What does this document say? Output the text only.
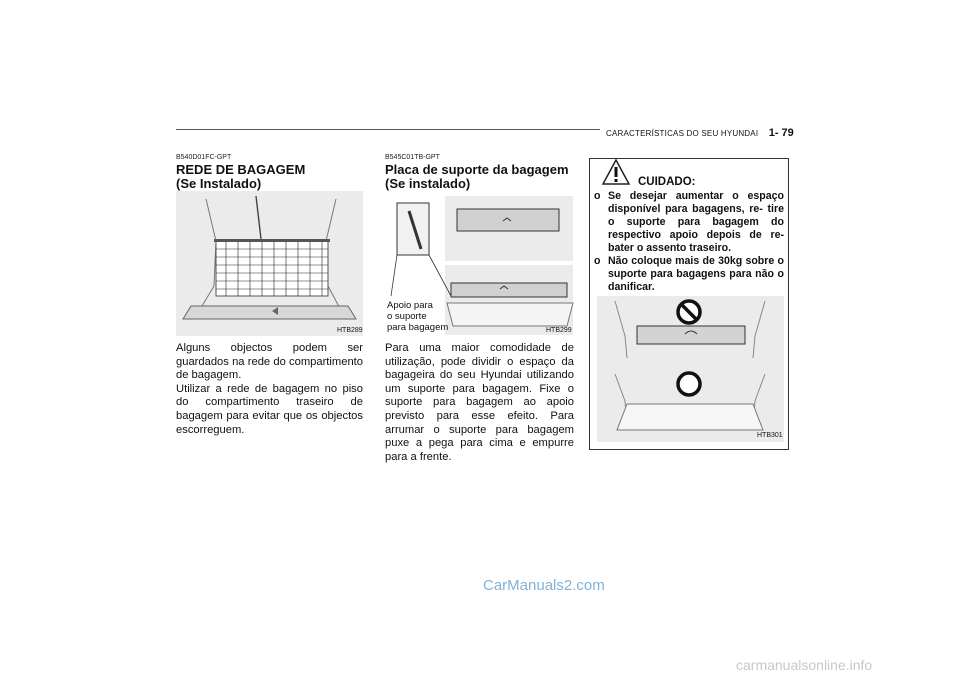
CARACTERÍSTICAS DO SEU HYUNDAI 1- 79
B540D01FC-GPT
REDE DE BAGAGEM
(Se Instalado)
HTB289

Alguns objectos podem ser guardados na rede do compartimento de bagagem.

Utilizar a rede de bagagem no piso do compartimento traseiro de bagagem para evitar que os objectos escorreguem.

B545C01TB-GPT
Placa de suporte da bagagem
(Se instalado)
Apoio para
o suporte
para bagagem	HTB299

Para uma maior comodidade de utilização, pode dividir o espaço da bagageira do seu Hyundai utilizando um suporte para bagagem. Fixe o suporte para bagagem ao apoio previsto para esse efeito. Para arrumar o suporte para bagagem puxe a pega para cima e empurre para a frente.

CUIDADO:
o Se desejar aumentar o espaço disponível para bagagens, re- tire o suporte para bagagem do respectivo apoio depois de re- bater o assento traseiro.
o Não coloque mais de 30kg sobre o suporte para bagagens para não o danificar.
HTB301
CarManuals2.com
carmanualsonline.info
